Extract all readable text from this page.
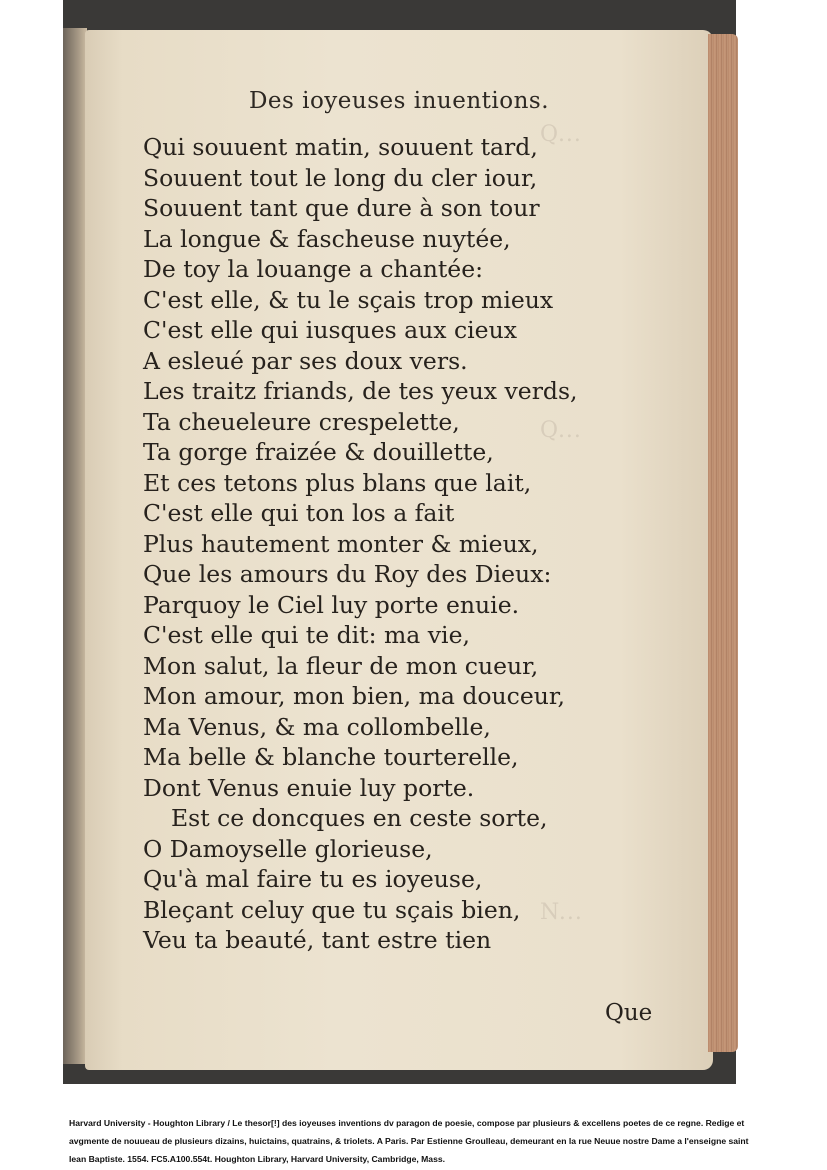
Q...
Q...
N...
Des ioyeuses inuentions.
Qui souuent matin, souuent tard,
Souuent tout le long du cler iour,
Souuent tant que dure à son tour
La longue & fascheuse nuytée,
De toy la louange a chantée:
C'est elle, & tu le sçais trop mieux
C'est elle qui iusques aux cieux
A esleué par ses doux vers.
Les traitz friands, de tes yeux verds,
Ta cheueleure crespelette,
Ta gorge fraizée & douillette,
Et ces tetons plus blans que lait,
C'est elle qui ton los a fait
Plus hautement monter & mieux,
Que les amours du Roy des Dieux:
Parquoy le Ciel luy porte enuie.
C'est elle qui te dit: ma vie,
Mon salut, la fleur de mon cueur,
Mon amour, mon bien, ma douceur,
Ma Venus, & ma collombelle,
Ma belle & blanche tourterelle,
Dont Venus enuie luy porte.
Est ce doncques en ceste sorte,
O Damoyselle glorieuse,
Qu'à mal faire tu es ioyeuse,
Bleçant celuy que tu sçais bien,
Veu ta beauté, tant estre tien
Que
Harvard University - Houghton Library / Le thesor[!] des ioyeuses inventions dv paragon de poesie, compose par plusieurs & excellens poetes de ce regne. Redige et avgmente de nouueau de plusieurs dizains, huictains, quatrains, & triolets. A Paris. Par Estienne Groulleau, demeurant en la rue Neuue nostre Dame a l'enseigne saint Iean Baptiste. 1554. FC5.A100.554t. Houghton Library, Harvard University, Cambridge, Mass.
